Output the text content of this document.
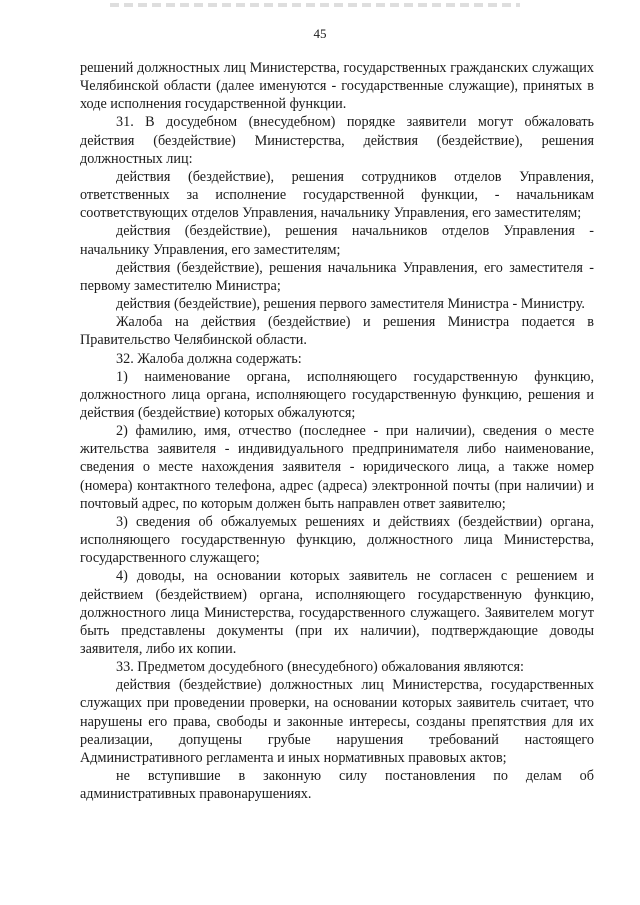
45

решений должностных лиц Министерства, государственных гражданских служащих Челябинской области (далее именуются - государственные служащие), принятых в ходе исполнения государственной функции.

31. В досудебном (внесудебном) порядке заявители могут обжаловать действия (бездействие) Министерства, действия (бездействие), решения должностных лиц:

действия (бездействие), решения сотрудников отделов Управления, ответственных за исполнение государственной функции, - начальникам соответствующих отделов Управления, начальнику Управления, его заместителям;

действия (бездействие), решения начальников отделов Управления - начальнику Управления, его заместителям;

действия (бездействие), решения начальника Управления, его заместителя - первому заместителю Министра;

действия (бездействие), решения первого заместителя Министра - Министру.

Жалоба на действия (бездействие) и решения Министра подается в Правительство Челябинской области.

32. Жалоба должна содержать:

1) наименование органа, исполняющего государственную функцию, должностного лица органа, исполняющего государственную функцию, решения и действия (бездействие) которых обжалуются;

2) фамилию, имя, отчество (последнее - при наличии), сведения о месте жительства заявителя - индивидуального предпринимателя либо наименование, сведения о месте нахождения заявителя - юридического лица, а также номер (номера) контактного телефона, адрес (адреса) электронной почты (при наличии) и почтовый адрес, по которым должен быть направлен ответ заявителю;

3) сведения об обжалуемых решениях и действиях (бездействии) органа, исполняющего государственную функцию, должностного лица Министерства, государственного служащего;

4) доводы, на основании которых заявитель не согласен с решением и действием (бездействием) органа, исполняющего государственную функцию, должностного лица Министерства, государственного служащего. Заявителем могут быть представлены документы (при их наличии), подтверждающие доводы заявителя, либо их копии.

33. Предметом досудебного (внесудебного) обжалования являются:

действия (бездействие) должностных лиц Министерства, государственных служащих при проведении проверки, на основании которых заявитель считает, что нарушены его права, свободы и законные интересы, созданы препятствия для их реализации, допущены грубые нарушения требований настоящего Административного регламента и иных нормативных правовых актов;

не вступившие в законную силу постановления по делам об административных правонарушениях.
